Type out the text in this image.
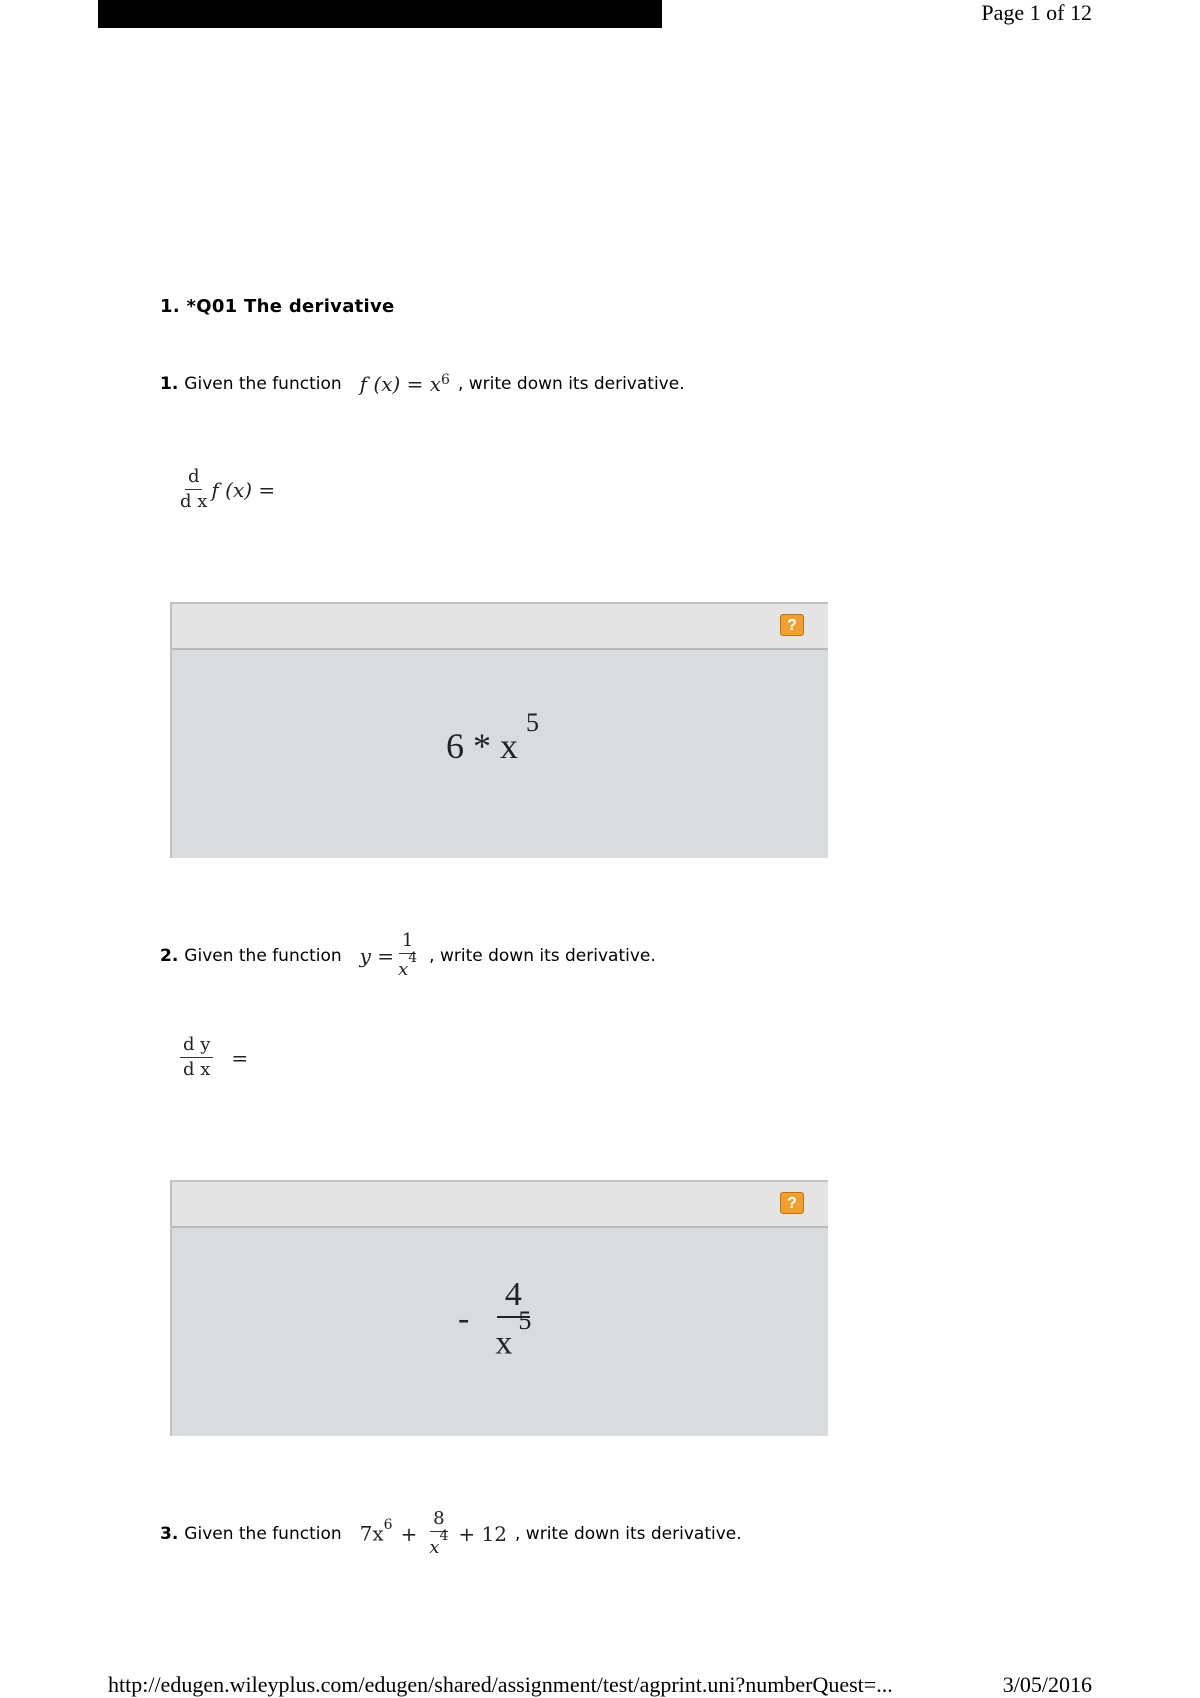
Page 1 of 12
1. *Q01 The derivative
1. Given the function f $(x) = x^6$ , write down its derivative.
$\frac{d}{\text{d x}}$ f (x) =
?
$6 * x^5$
2. Given the function $y = \frac{1}{x^4}$ , write down its derivative.
$\frac{\text{d y}}{\text{d x}}$ =
?
- $\frac{4}{x^5}$
3. Given the function $7x^6 + \frac{8}{x^4} + 12$ , write down its derivative.
http://edugen.wileyplus.com/edugen/shared/assignment/test/agprint.uni?numberQuest=...	3/05/2016
